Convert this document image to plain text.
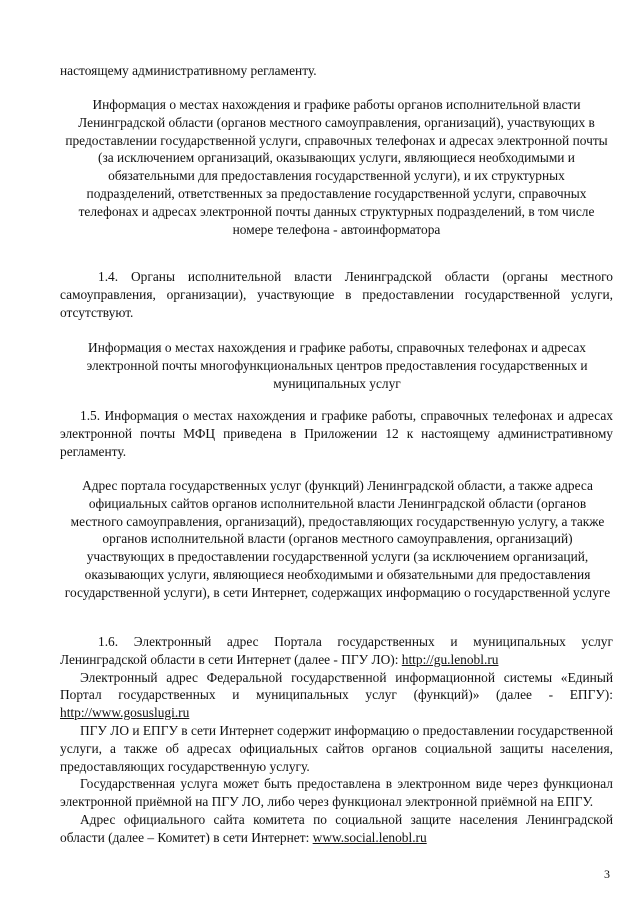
настоящему административному регламенту.

Информация о местах нахождения и графике работы органов исполнительной власти Ленинградской области (органов местного самоуправления, организаций), участвующих в предоставлении государственной услуги, справочных телефонах и адресах электронной почты (за исключением организаций, оказывающих услуги, являющиеся необходимыми и обязательными для предоставления государственной услуги), и их структурных подразделений, ответственных за предоставление государственной услуги, справочных телефонах и адресах электронной почты данных структурных подразделений, в том числе номере телефона - автоинформатора

1.4. Органы исполнительной власти Ленинградской области (органы местного самоуправления, организации), участвующие в предоставлении государственной услуги, отсутствуют.

Информация о местах нахождения и графике работы, справочных телефонах и адресах электронной почты многофункциональных центров предоставления государственных и муниципальных услуг

1.5. Информация о местах нахождения и графике работы, справочных телефонах и адресах электронной почты МФЦ приведена в Приложении 12 к настоящему административному регламенту.

Адрес портала государственных услуг (функций) Ленинградской области, а также адреса официальных сайтов органов исполнительной власти Ленинградской области (органов местного самоуправления, организаций), предоставляющих государственную услугу, а также органов исполнительной власти (органов местного самоуправления, организаций) участвующих в предоставлении государственной услуги (за исключением организаций, оказывающих услуги, являющиеся необходимыми и обязательными для предоставления государственной услуги), в сети Интернет, содержащих информацию о государственной услуге

1.6. Электронный адрес Портала государственных и муниципальных услуг Ленинградской области в сети Интернет (далее - ПГУ ЛО): http://gu.lenobl.ru

Электронный адрес Федеральной государственной информационной системы «Единый Портал государственных и муниципальных услуг (функций)» (далее - ЕПГУ): http://www.gosuslugi.ru

ПГУ ЛО и ЕПГУ в сети Интернет содержит информацию о предоставлении государственной услуги, а также об адресах официальных сайтов органов социальной защиты населения, предоставляющих государственную услугу.

Государственная услуга может быть предоставлена в электронном виде через функционал электронной приёмной на ПГУ ЛО, либо через функционал электронной приёмной на ЕПГУ.

Адрес официального сайта комитета по социальной защите населения Ленинградской области (далее – Комитет) в сети Интернет: www.social.lenobl.ru

3
